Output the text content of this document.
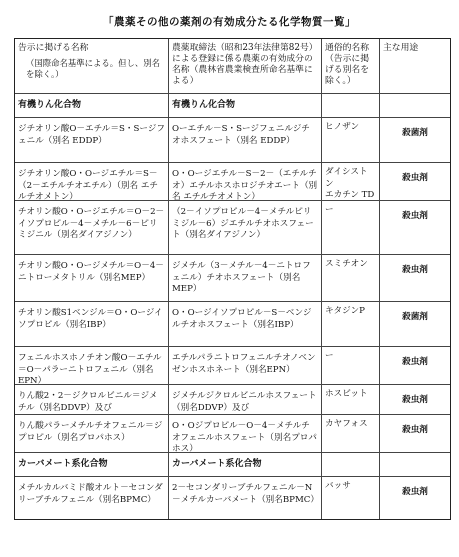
「農薬その他の薬剤の有効成分たる化学物質一覧」
告示に掲げる名称
（国際命名基準による。但し、別名を除く。）
農薬取締法（昭和23年法律第82号）による登録に係る農薬の有効成分の名称（農林省農業検査所命名基準による）
通俗的名称（告示に掲げる別名を除く。）
主な用途
有機りん化合物	有機りん化合物
ジチオリン酸O－エチル＝S・Sージフェニル（別名 EDDP）
Oーエチル－S・Sージフェニルジチオホスフェート（別名 EDDP）
ヒノザン
殺菌剤
ジチオリン酸O・Oージエチル＝S－（2－エチルチオエチル）（別名 エチルチオメトン）
O・Oージエチル－S－2－（エチルチオ）エチルホスホロジチオエート（別名 エチルチオメトン）
ダイシストン
エカチン TD
殺虫剤
チオリン酸O・Oージエチル＝O－2－イソプロピル－4－メチル－6－ピリミジニル（別名ダイアジノン）
（2－イソプロピル－4－メチルピリミジル－6）ジエチルチオホスフェート（別名ダイアジノン）
ー
殺虫剤
チオリン酸O・Oージメチル＝O－4－ニトローメタトリル（別名MEP）
ジメチル（3－メチル－4－ニトロフェニル）チオホスフェート（別名MEP）
スミチオン
殺虫剤
チオリン酸S1ベンジル＝O・Oージイソプロピル（別名IBP）
O・Oージイソプロピル－S－ベンジルチオホスフェート（別名IBP）
キタジンP
殺菌剤
フェニルホスホノチオン酸O－エチル＝O－パラーニトロフェニル（別名EPN）
エチルパラニトロフェニルチオノベンゼンホスホネート（別名EPN）
ー
殺虫剤
りん酸2・2－ジクロルビニル＝ジメチル（別名DDVP）及び
ジメチルジクロルビニルホスフェート（別名DDVP）及び
ホスビット
殺虫剤
りん酸パラーメチルチオフェニル＝ジプロピル（別名プロパホス）
O・Oジプロピル－O－4－メチルチオフェニルホスフェート（別名プロパホス）
カヤフォス
殺虫剤
カーバメート系化合物	カーバメート系化合物
メチルカルバミド酸オルト－セコンダリーブチルフェニル（別名BPMC）
2－セコンダリーブチルフェニル－N－メチルカーバメート（別名BPMC）
バッサ
殺虫剤
